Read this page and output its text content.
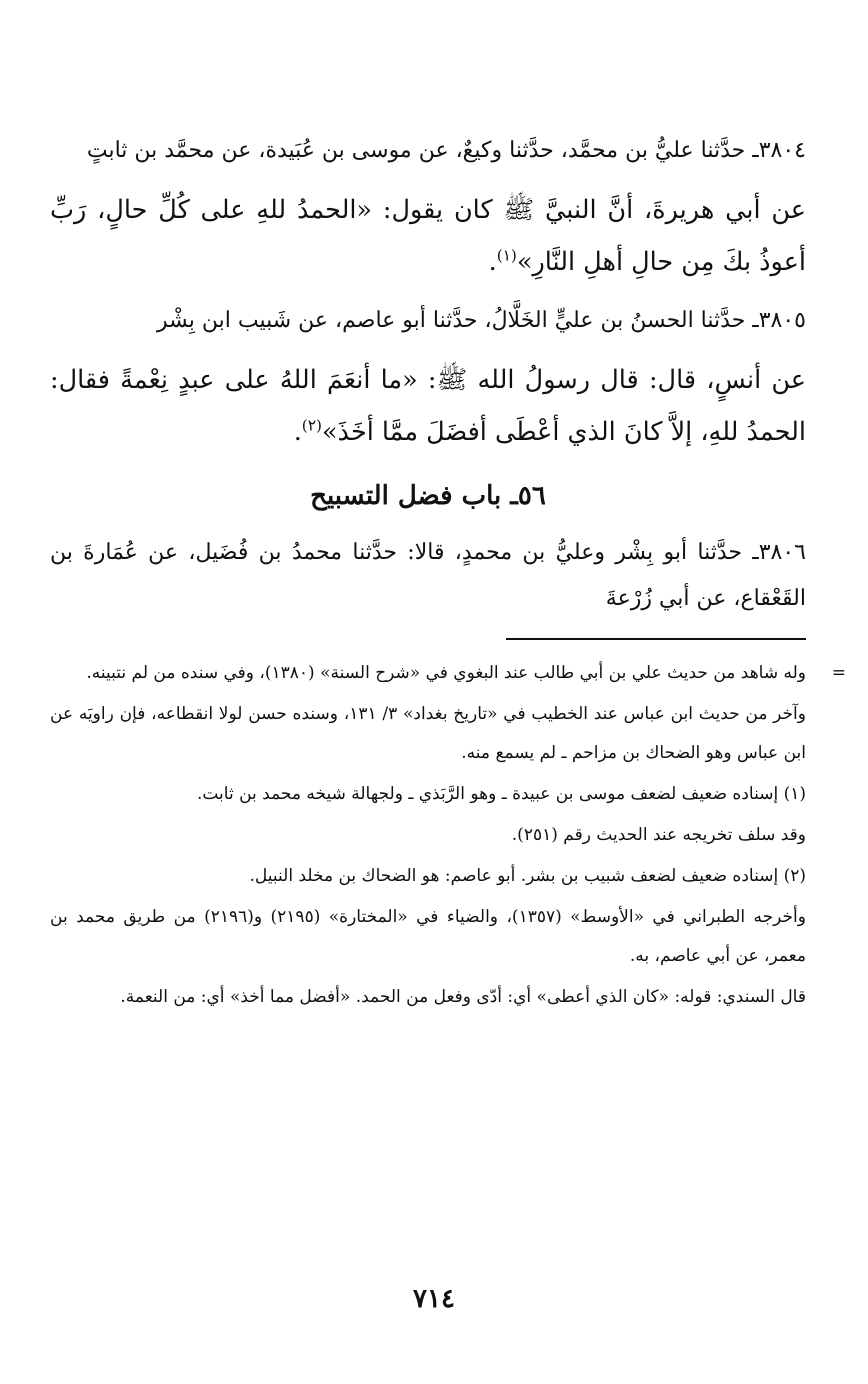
٣٨٠٤ـ حدَّثنا عليُّ بن محمَّد، حدَّثنا وكيعٌ، عن موسى بن عُبَيدة، عن محمَّد بن ثابتٍ

عن أبي هريرةَ، أنَّ النبيَّ ﷺ كان يقول: «الحمدُ للهِ على كُلِّ حالٍ، رَبِّ أعوذُ بكَ مِن حالِ أهلِ النَّارِ»$^{(١)}$.

٣٨٠٥ـ حدَّثنا الحسنُ بن عليٍّ الخَلَّالُ، حدَّثنا أبو عاصم، عن شَبيب ابن بِشْر

عن أنسٍ، قال: قال رسولُ الله ﷺ: «ما أنعَمَ اللهُ على عبدٍ نِعْمةً فقال: الحمدُ للهِ، إلاَّ كانَ الذي أعْطَى أفضَلَ ممَّا أخَذَ»$^{(٢)}$.

٥٦ـ باب فضل التسبيح

٣٨٠٦ـ حدَّثنا أبو بِشْر وعليُّ بن محمدٍ، قالا: حدَّثنا محمدُ بن فُضَيل، عن عُمَارةَ بن القَعْقاع، عن أبي زُرْعةَ

=
وله شاهد من حديث علي بن أبي طالب عند البغوي في «شرح السنة» (١٣٨٠)، وفي سنده من لم نتبينه.

وآخر من حديث ابن عباس عند الخطيب في «تاريخ بغداد» ٣/ ١٣١، وسنده حسن لولا انقطاعه، فإن راويَه عن ابن عباس وهو الضحاك بن مزاحم ـ لم يسمع منه.

(١) إسناده ضعيف لضعف موسى بن عبيدة ـ وهو الرَّبَذي ـ ولجهالة شيخه محمد بن ثابت.

وقد سلف تخريجه عند الحديث رقم (٢٥١).

(٢) إسناده ضعيف لضعف شبيب بن بشر. أبو عاصم: هو الضحاك بن مخلد النبيل.

وأخرجه الطبراني في «الأوسط» (١٣٥٧)، والضياء في «المختارة» (٢١٩٥) و(٢١٩٦) من طريق محمد بن معمر، عن أبي عاصم، به.

قال السندي: قوله: «كان الذي أعطى» أي: أدّى وفعل من الحمد. «أفضل مما أخذ» أي: من النعمة.

٧١٤
